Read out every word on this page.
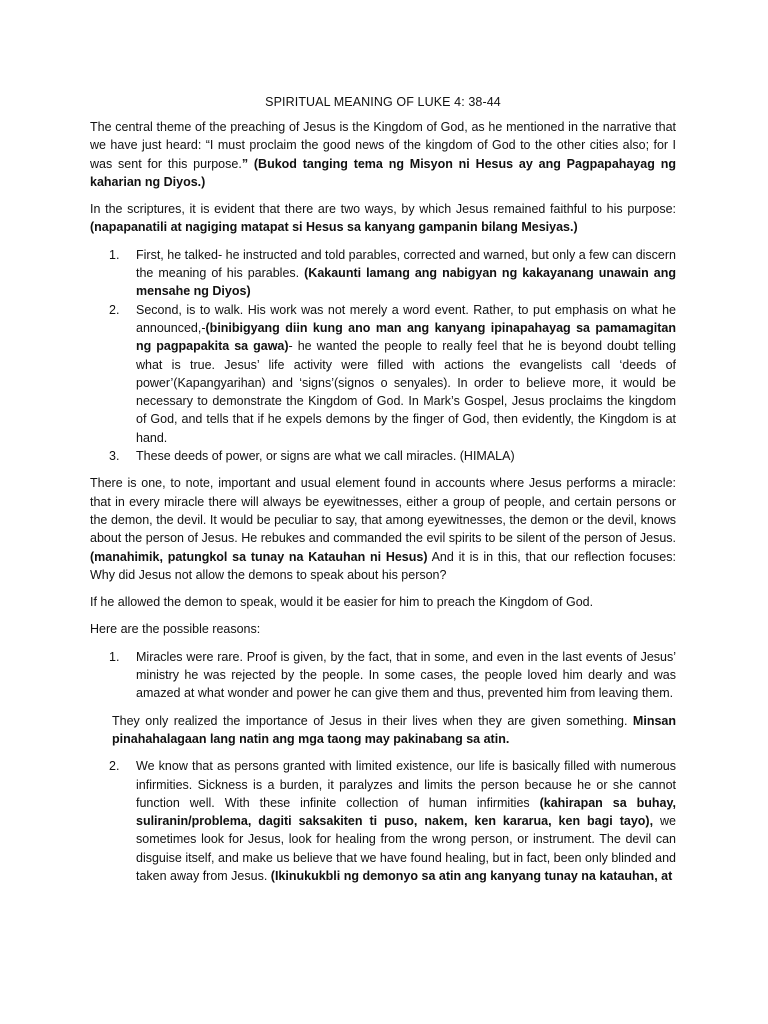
SPIRITUAL MEANING OF LUKE 4: 38-44

The central theme of the preaching of Jesus is the Kingdom of God, as he mentioned in the narrative that we have just heard: “I must proclaim the good news of the kingdom of God to the other cities also; for I was sent for this purpose.” (Bukod tanging tema ng Misyon ni Hesus ay ang Pagpapahayag ng kaharian ng Diyos.)

In the scriptures, it is evident that there are two ways, by which Jesus remained faithful to his purpose: (napapanatili at nagiging matapat si Hesus sa kanyang gampanin bilang Mesiyas.)

1. First, he talked- he instructed and told parables, corrected and warned, but only a few can discern the meaning of his parables. (Kakaunti lamang ang nabigyan ng kakayanang unawain ang mensahe ng Diyos)
2. Second, is to walk. His work was not merely a word event. Rather, to put emphasis on what he announced,-(binibigyang diin kung ano man ang kanyang ipinapahayag sa pamamagitan ng pagpapakita sa gawa)- he wanted the people to really feel that he is beyond doubt telling what is true. Jesus’ life activity were filled with actions the evangelists call ‘deeds of power’(Kapangyarihan) and ‘signs’(signos o senyales). In order to believe more, it would be necessary to demonstrate the Kingdom of God. In Mark’s Gospel, Jesus proclaims the kingdom of God, and tells that if he expels demons by the finger of God, then evidently, the Kingdom is at hand.
3. These deeds of power, or signs are what we call miracles. (HIMALA)

There is one, to note, important and usual element found in accounts where Jesus performs a miracle: that in every miracle there will always be eyewitnesses, either a group of people, and certain persons or the demon, the devil. It would be peculiar to say, that among eyewitnesses, the demon or the devil, knows about the person of Jesus. He rebukes and commanded the evil spirits to be silent of the person of Jesus. (manahimik, patungkol sa tunay na Katauhan ni Hesus) And it is in this, that our reflection focuses: Why did Jesus not allow the demons to speak about his person?

If he allowed the demon to speak, would it be easier for him to preach the Kingdom of God.

Here are the possible reasons:

1. Miracles were rare. Proof is given, by the fact, that in some, and even in the last events of Jesus’ ministry he was rejected by the people. In some cases, the people loved him dearly and was amazed at what wonder and power he can give them and thus, prevented him from leaving them.

They only realized the importance of Jesus in their lives when they are given something. Minsan pinahahalagaan lang natin ang mga taong may pakinabang sa atin.

2. We know that as persons granted with limited existence, our life is basically filled with numerous infirmities. Sickness is a burden, it paralyzes and limits the person because he or she cannot function well. With these infinite collection of human infirmities (kahirapan sa buhay, suliranin/problema, dagiti saksakiten ti puso, nakem, ken kararua, ken bagi tayo), we sometimes look for Jesus, look for healing from the wrong person, or instrument. The devil can disguise itself, and make us believe that we have found healing, but in fact, been only blinded and taken away from Jesus. (Ikinukukbli ng demonyo sa atin ang kanyang tunay na katauhan, at
